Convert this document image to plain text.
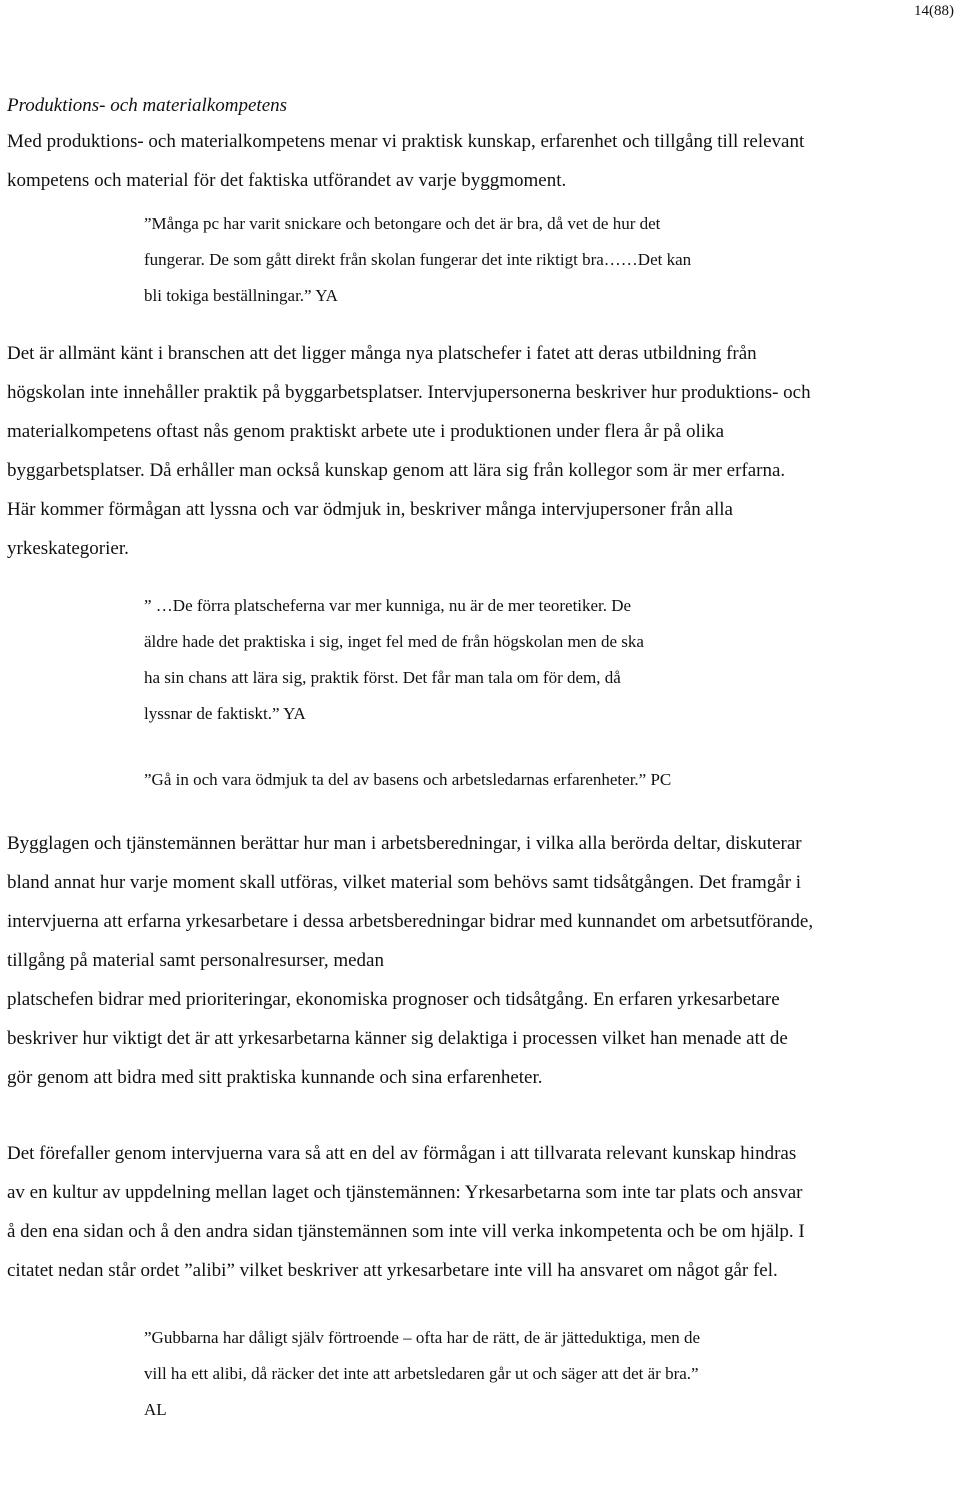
14(88)

Produktions- och materialkompetens

Med produktions- och materialkompetens menar vi praktisk kunskap, erfarenhet och tillgång till relevant
kompetens och material för det faktiska utförandet av varje byggmoment.

”Många pc har varit snickare och betongare och det är bra, då vet de hur det
fungerar. De som gått direkt från skolan fungerar det inte riktigt bra……Det kan
bli tokiga beställningar.” YA

Det är allmänt känt i branschen att det ligger många nya platschefer i fatet att deras utbildning från
högskolan inte innehåller praktik på byggarbetsplatser. Intervjupersonerna beskriver hur produktions- och
materialkompetens oftast nås genom praktiskt arbete ute i produktionen under flera år på olika
byggarbetsplatser. Då erhåller man också kunskap genom att lära sig från kollegor som är mer erfarna.
Här kommer förmågan att lyssna och var ödmjuk in, beskriver många intervjupersoner från alla
yrkeskategorier.

” …De förra platscheferna var mer kunniga, nu är de mer teoretiker. De
äldre hade det praktiska i sig, inget fel med de från högskolan men de ska
ha sin chans att lära sig, praktik först. Det får man tala om för dem, då
lyssnar de faktiskt.” YA

”Gå in och vara ödmjuk ta del av basens och arbetsledarnas erfarenheter.” PC

Bygglagen och tjänstemännen berättar hur man i arbetsberedningar, i vilka alla berörda deltar, diskuterar
bland annat hur varje moment skall utföras, vilket material som behövs samt tidsåtgången. Det framgår i
intervjuerna att erfarna yrkesarbetare i dessa arbetsberedningar bidrar med kunnandet om arbetsutförande,
tillgång på material samt personalresurser, medan
platschefen bidrar med prioriteringar, ekonomiska prognoser och tidsåtgång. En erfaren yrkesarbetare
beskriver hur viktigt det är att yrkesarbetarna känner sig delaktiga i processen vilket han menade att de
gör genom att bidra med sitt praktiska kunnande och sina erfarenheter.

Det förefaller genom intervjuerna vara så att en del av förmågan i att tillvarata relevant kunskap hindras
av en kultur av uppdelning mellan laget och tjänstemännen: Yrkesarbetarna som inte tar plats och ansvar
å den ena sidan och å den andra sidan tjänstemännen som inte vill verka inkompetenta och be om hjälp. I
citatet nedan står ordet ”alibi” vilket beskriver att yrkesarbetare inte vill ha ansvaret om något går fel.

”Gubbarna har dåligt själv förtroende – ofta har de rätt, de är jätteduktiga, men de
vill ha ett alibi, då räcker det inte att arbetsledaren går ut och säger att det är bra.”
AL
